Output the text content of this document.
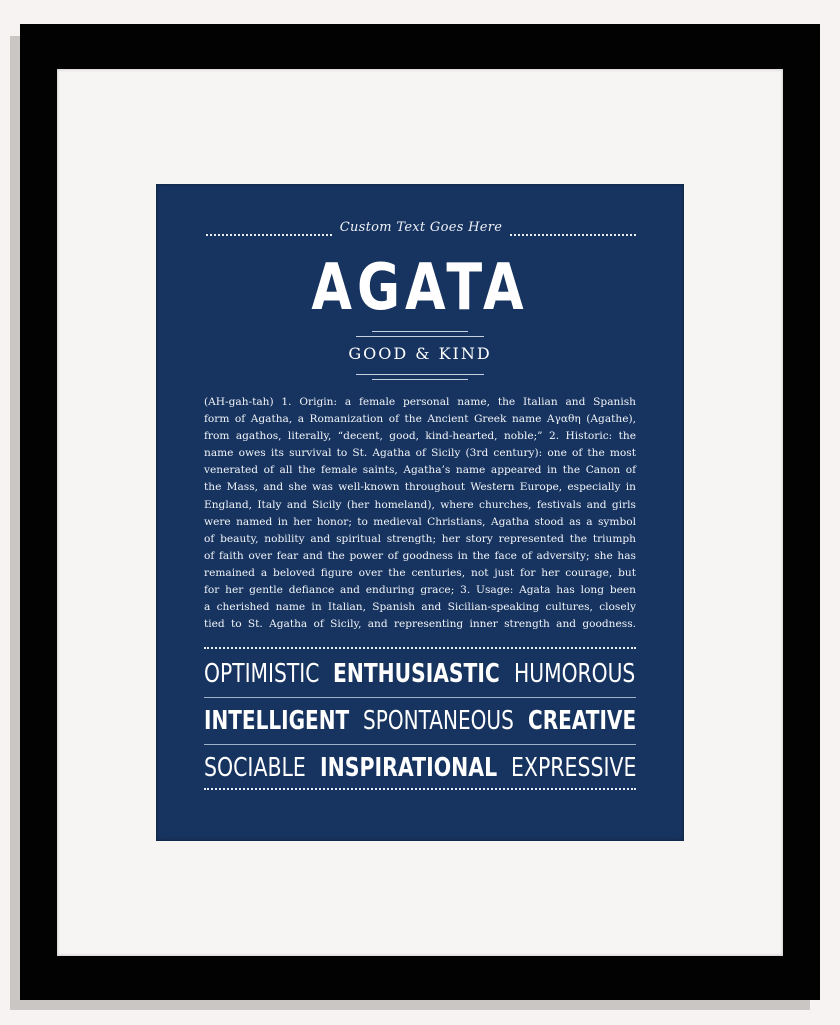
Custom Text Goes Here
AGATA
GOOD & KIND
(AH-gah-tah) 1. Origin: a female personal name, the Italian and Spanish
form of Agatha, a Romanization of the Ancient Greek name Αγαθη (Agathe),
from agathos, literally, “decent, good, kind-hearted, noble;” 2. Historic: the
name owes its survival to St. Agatha of Sicily (3rd century): one of the most
venerated of all the female saints, Agatha’s name appeared in the Canon of
the Mass, and she was well-known throughout Western Europe, especially in
England, Italy and Sicily (her homeland), where churches, festivals and girls
were named in her honor; to medieval Christians, Agatha stood as a symbol
of beauty, nobility and spiritual strength; her story represented the triumph
of faith over fear and the power of goodness in the face of adversity; she has
remained a beloved figure over the centuries, not just for her courage, but
for her gentle defiance and enduring grace; 3. Usage: Agata has long been
a cherished name in Italian, Spanish and Sicilian-speaking cultures, closely
tied to St. Agatha of Sicily, and representing inner strength and goodness.
OPTIMISTIC ENTHUSIASTIC HUMOROUS
INTELLIGENT SPONTANEOUS CREATIVE
SOCIABLE INSPIRATIONAL EXPRESSIVE
